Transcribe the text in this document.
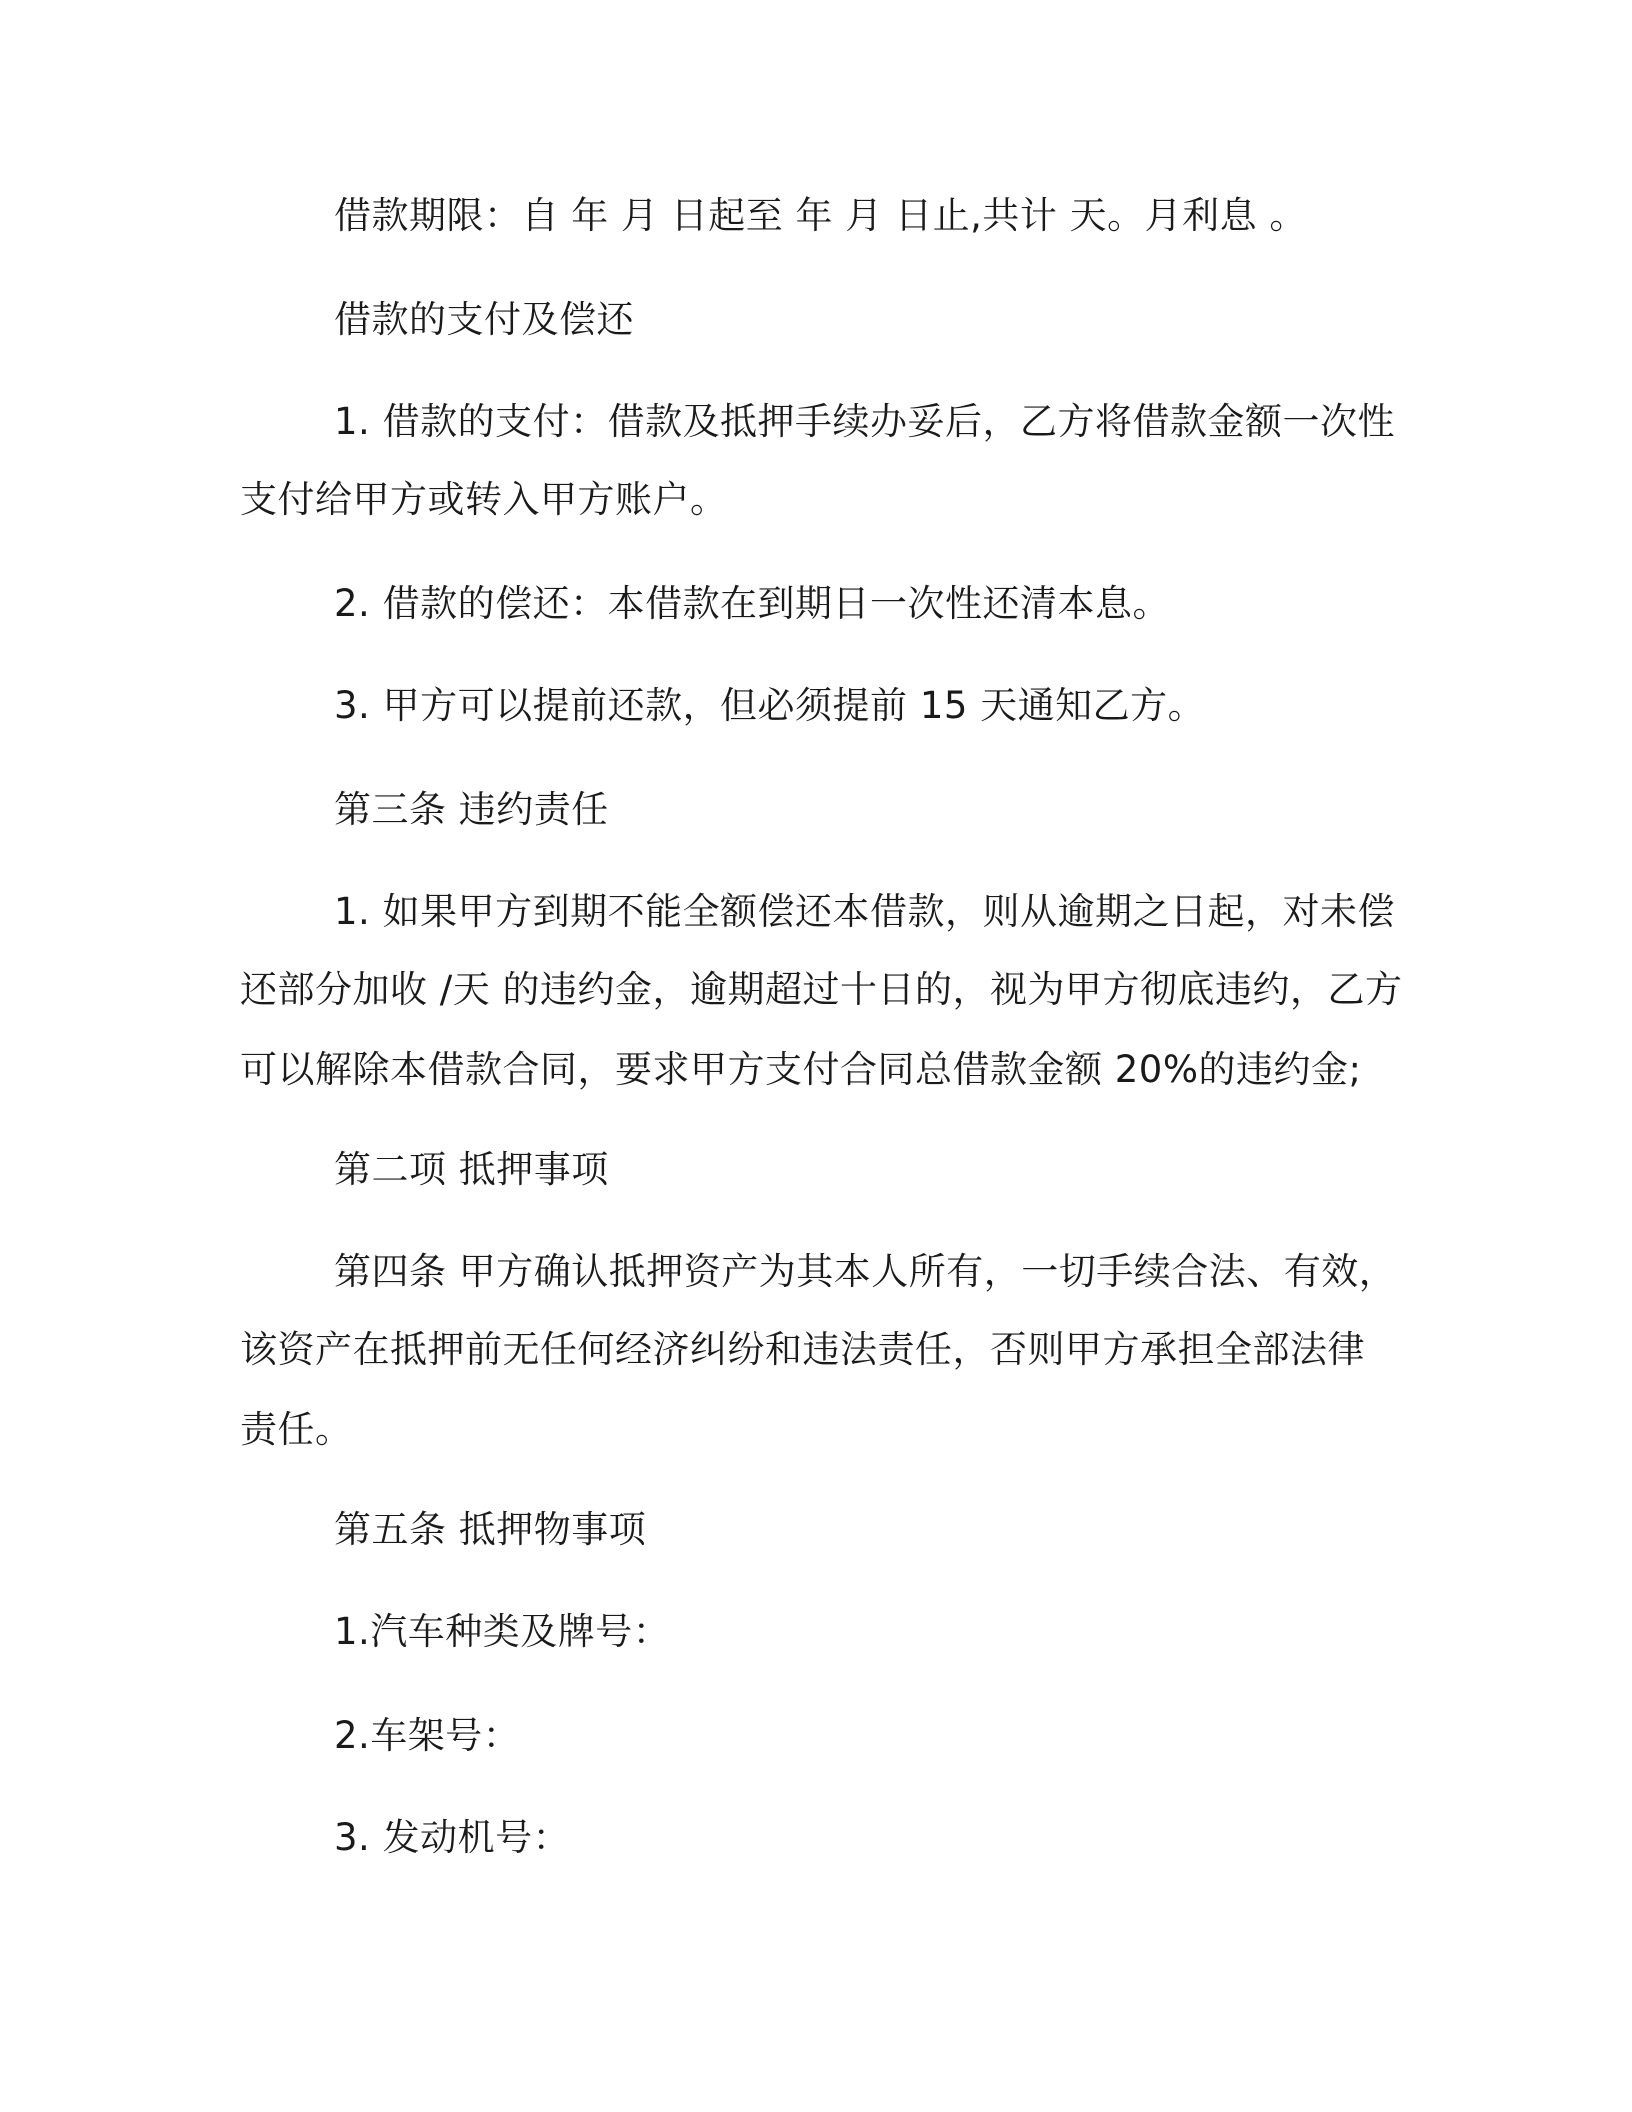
借款期限：自 年 月 日起至 年 月 日止,共计 天。月利息 。
借款的支付及偿还
1. 借款的支付：借款及抵押手续办妥后，乙方将借款金额一次性
支付给甲方或转入甲方账户。
2. 借款的偿还：本借款在到期日一次性还清本息。
3. 甲方可以提前还款，但必须提前 15 天通知乙方。
第三条 违约责任
1. 如果甲方到期不能全额偿还本借款，则从逾期之日起，对未偿
还部分加收 /天 的违约金，逾期超过十日的，视为甲方彻底违约，乙方
可以解除本借款合同，要求甲方支付合同总借款金额 20%的违约金;
第二项 抵押事项
第四条 甲方确认抵押资产为其本人所有，一切手续合法、有效，
该资产在抵押前无任何经济纠纷和违法责任，否则甲方承担全部法律
责任。
第五条 抵押物事项
1.汽车种类及牌号：
2.车架号：
3. 发动机号：
